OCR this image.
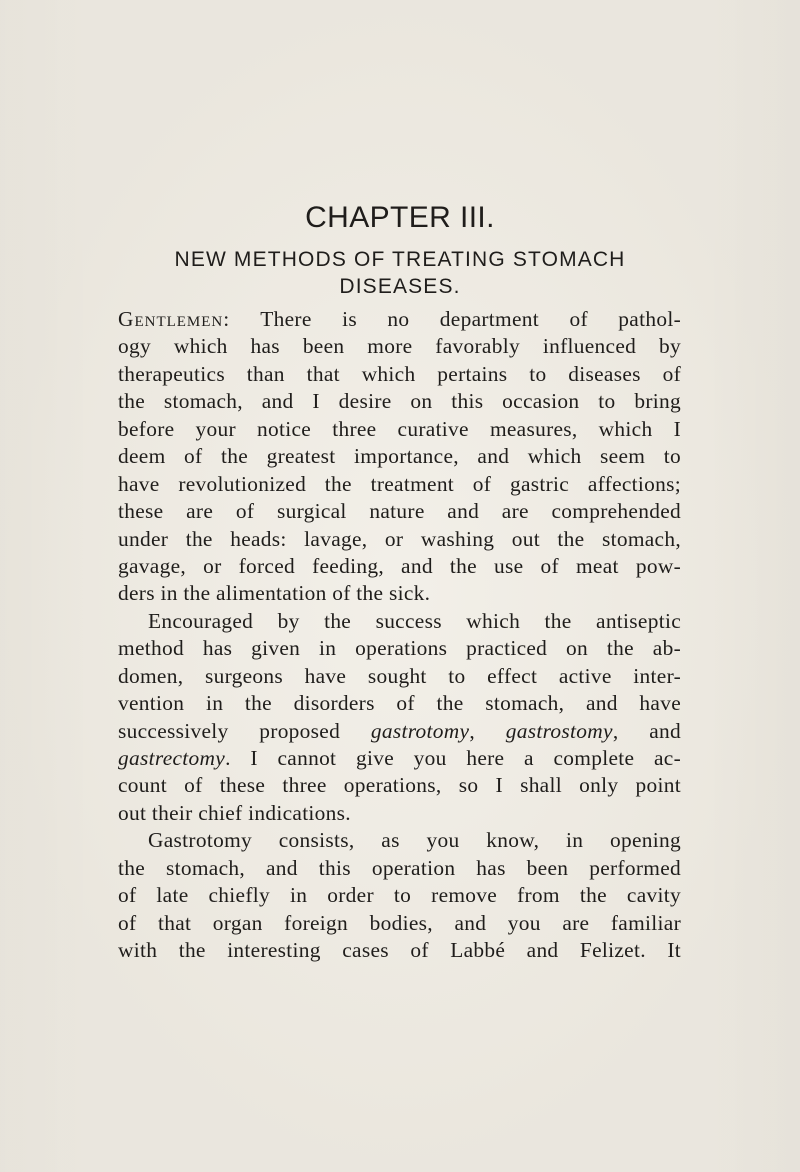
CHAPTER III.
NEW METHODS OF TREATING STOMACH
DISEASES.
Gentlemen: There is no department of pathol-
ogy which has been more favorably influenced by
therapeutics than that which pertains to diseases of
the stomach, and I desire on this occasion to bring
before your notice three curative measures, which I
deem of the greatest importance, and which seem to
have revolutionized the treatment of gastric affections;
these are of surgical nature and are comprehended
under the heads: lavage, or washing out the stomach,
gavage, or forced feeding, and the use of meat pow-
ders in the alimentation of the sick.
Encouraged by the success which the antiseptic
method has given in operations practiced on the ab-
domen, surgeons have sought to effect active inter-
vention in the disorders of the stomach, and have
successively proposed gastrotomy, gastrostomy, and
gastrectomy. I cannot give you here a complete ac-
count of these three operations, so I shall only point
out their chief indications.
Gastrotomy consists, as you know, in opening
the stomach, and this operation has been performed
of late chiefly in order to remove from the cavity
of that organ foreign bodies, and you are familiar
with the interesting cases of Labbé and Felizet. It
